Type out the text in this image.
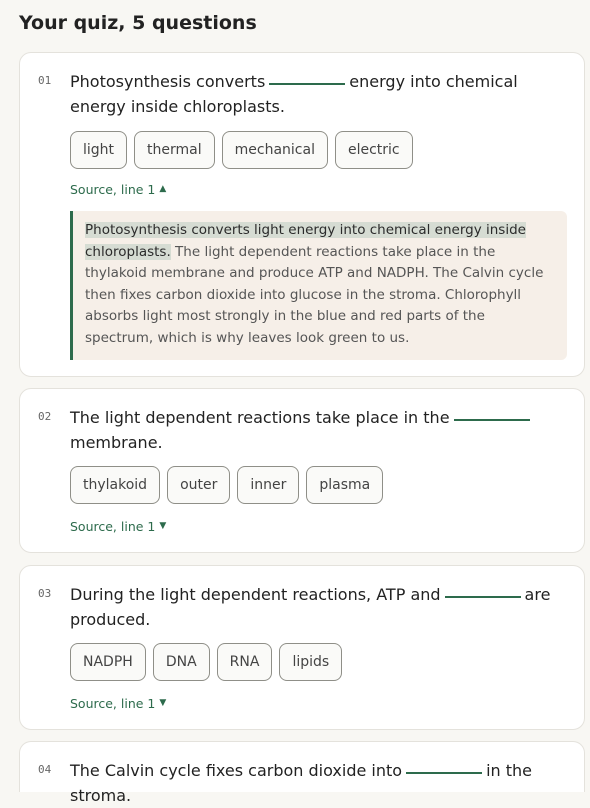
Your quiz, 5 questions
01 Photosynthesis converts	energy into chemical energy inside chloroplasts.
light	thermal	mechanical	electric
Source, line 1 ▲
Photosynthesis converts light energy into chemical energy inside chloroplasts. The light dependent reactions take place in the thylakoid membrane and produce ATP and NADPH. The Calvin cycle then fixes carbon dioxide into glucose in the stroma. Chlorophyll absorbs light most strongly in the blue and red parts of the spectrum, which is why leaves look green to us.
02 The light dependent reactions take place in themembrane.
thylakoid	outer	inner	plasma
Source, line 1 ▼
03 During the light dependent reactions, ATP and	are produced.
NADPH	DNA	RNA	lipids
Source, line 1 ▼
04 The Calvin cycle fixes carbon dioxide into	in the stroma.
